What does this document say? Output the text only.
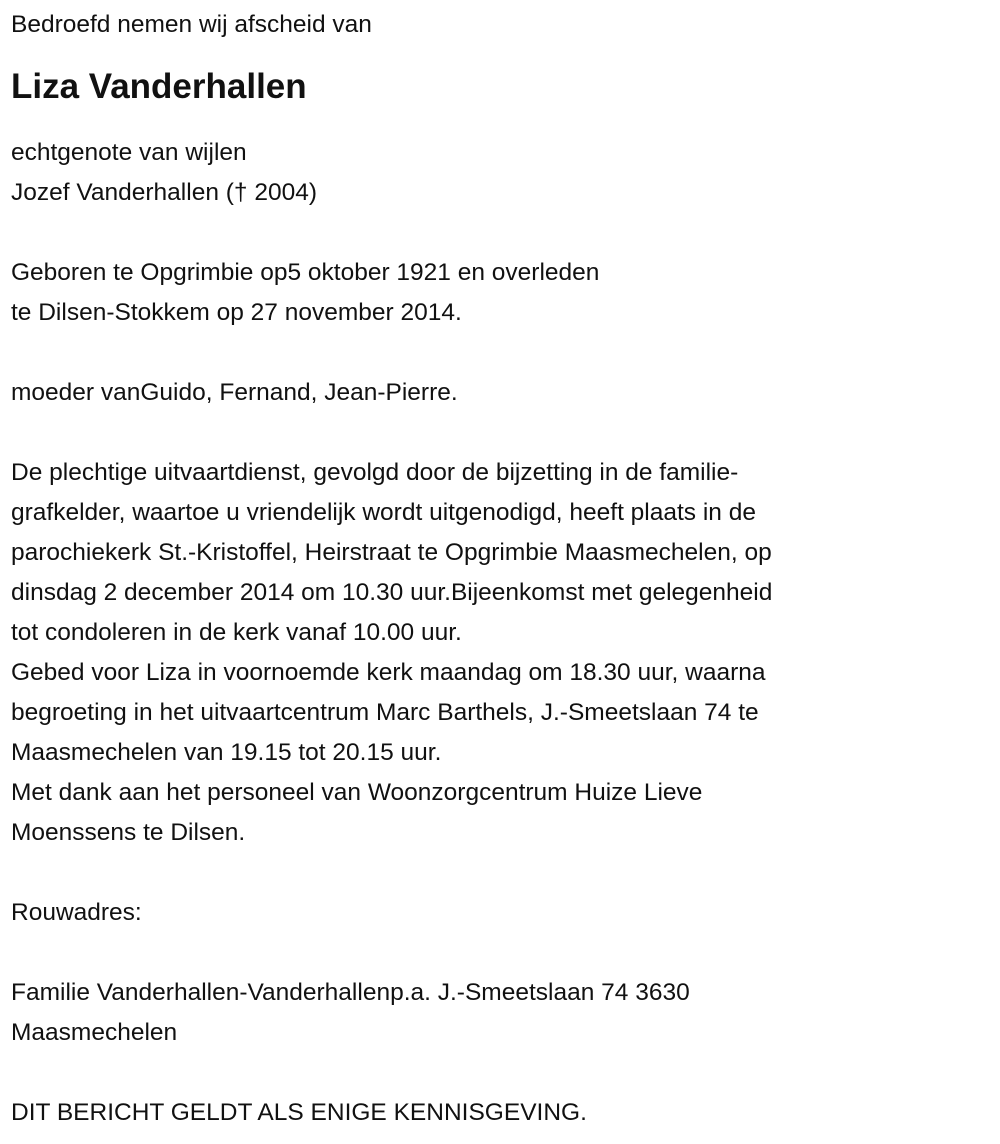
Bedroefd nemen wij afscheid van
Liza Vanderhallen
echtgenote van wijlen
Jozef Vanderhallen († 2004)
Geboren te Opgrimbie op5 oktober 1921 en overleden
te Dilsen-Stokkem op 27 november 2014.
moeder vanGuido, Fernand, Jean-Pierre.
De plechtige uitvaartdienst, gevolgd door de bijzetting in de familie-
grafkelder, waartoe u vriendelijk wordt uitgenodigd, heeft plaats in de
parochiekerk St.-Kristoffel, Heirstraat te Opgrimbie Maasmechelen, op
dinsdag 2 december 2014 om 10.30 uur.Bijeenkomst met gelegenheid
tot condoleren in de kerk vanaf 10.00 uur.
Gebed voor Liza in voornoemde kerk maandag om 18.30 uur, waarna
begroeting in het uitvaartcentrum Marc Barthels, J.-Smeetslaan 74 te
Maasmechelen van 19.15 tot 20.15 uur.
Met dank aan het personeel van Woonzorgcentrum Huize Lieve
Moenssens te Dilsen.
Rouwadres:
Familie Vanderhallen-Vanderhallenp.a. J.-Smeetslaan 74 3630
Maasmechelen
DIT BERICHT GELDT ALS ENIGE KENNISGEVING.
